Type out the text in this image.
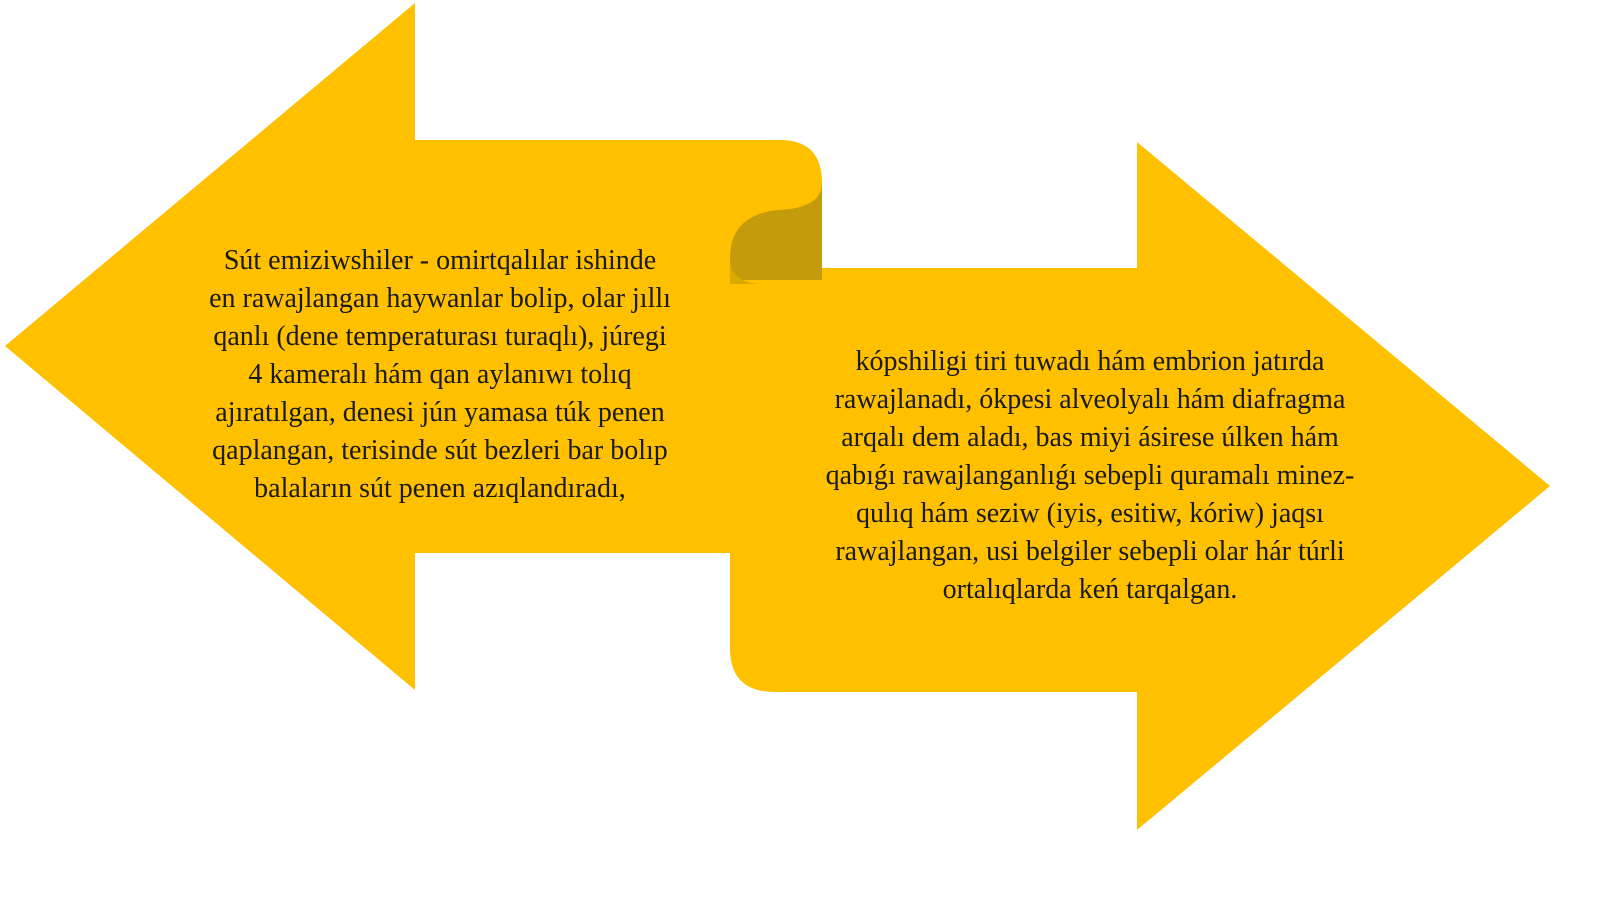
Sút emiziwshiler - omirtqalılar ishinde
en rawajlangan haywanlar bolip, olar jıllı
qanlı (dene temperaturası turaqlı), júregi
4 kameralı hám qan aylanıwı tolıq
ajıratılgan, denesi jún yamasa túk penen
qaplangan, terisinde sút bezleri bar bolıp
balaların sút penen azıqlandıradı,

kópshiligi tiri tuwadı hám embrion jatırda
rawajlanadı, ókpesi alveolyalı hám diafragma
arqalı dem aladı, bas miyi ásirese úlken hám
qabıǵı rawajlanganlıǵı sebepli quramalı minez-
qulıq hám seziw (iyis, esitiw, kóriw) jaqsı
rawajlangan, usi belgiler sebepli olar hár túrli
ortalıqlarda keń tarqalgan.
